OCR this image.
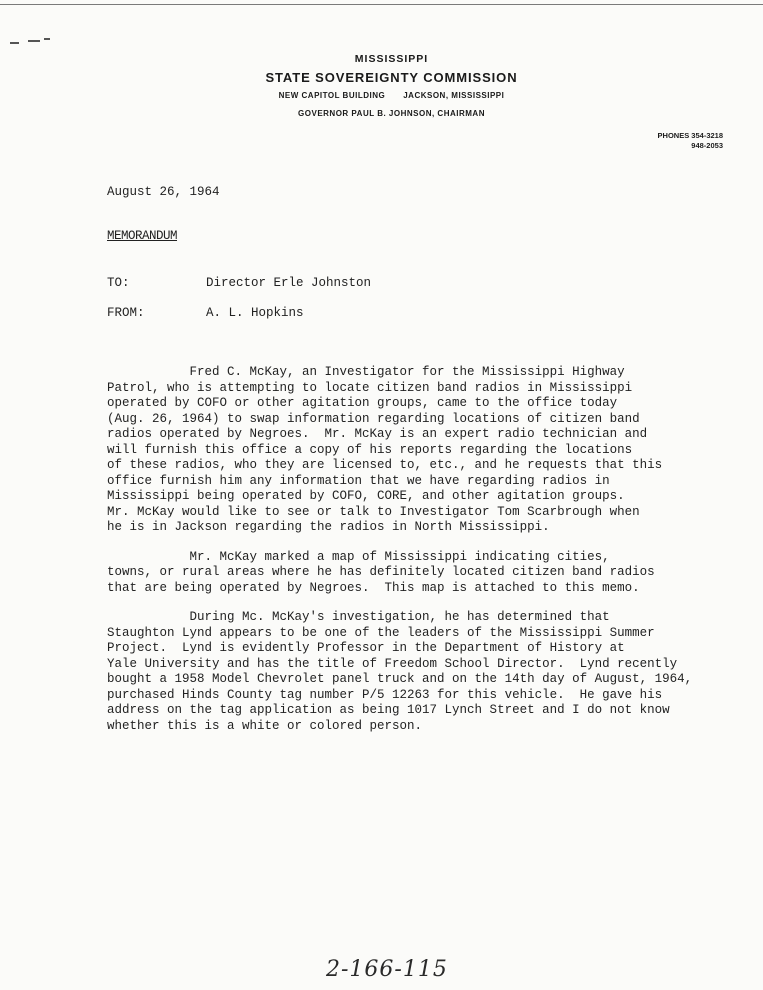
MISSISSIPPI
STATE SOVEREIGNTY COMMISSION
NEW CAPITOL BUILDING JACKSON, MISSISSIPPI
GOVERNOR PAUL B. JOHNSON, CHAIRMAN
PHONES 354-3218
948-2053
August 26, 1964
MEMORANDUM
TO:	Director Erle Johnston
FROM:	A. L. Hopkins

Fred C. McKay, an Investigator for the Mississippi Highway
Patrol, who is attempting to locate citizen band radios in Mississippi
operated by COFO or other agitation groups, came to the office today
(Aug. 26, 1964) to swap information regarding locations of citizen band
radios operated by Negroes.  Mr. McKay is an expert radio technician and
will furnish this office a copy of his reports regarding the locations
of these radios, who they are licensed to, etc., and he requests that this
office furnish him any information that we have regarding radios in
Mississippi being operated by COFO, CORE, and other agitation groups.
Mr. McKay would like to see or talk to Investigator Tom Scarbrough when
he is in Jackson regarding the radios in North Mississippi.

Mr. McKay marked a map of Mississippi indicating cities,
towns, or rural areas where he has definitely located citizen band radios
that are being operated by Negroes.  This map is attached to this memo.

During Mc. McKay's investigation, he has determined that
Staughton Lynd appears to be one of the leaders of the Mississippi Summer
Project.  Lynd is evidently Professor in the Department of History at
Yale University and has the title of Freedom School Director.  Lynd recently
bought a 1958 Model Chevrolet panel truck and on the 14th day of August, 1964,
purchased Hinds County tag number P/5 12263 for this vehicle.  He gave his
address on the tag application as being 1017 Lynch Street and I do not know
whether this is a white or colored person.

2-166-115
